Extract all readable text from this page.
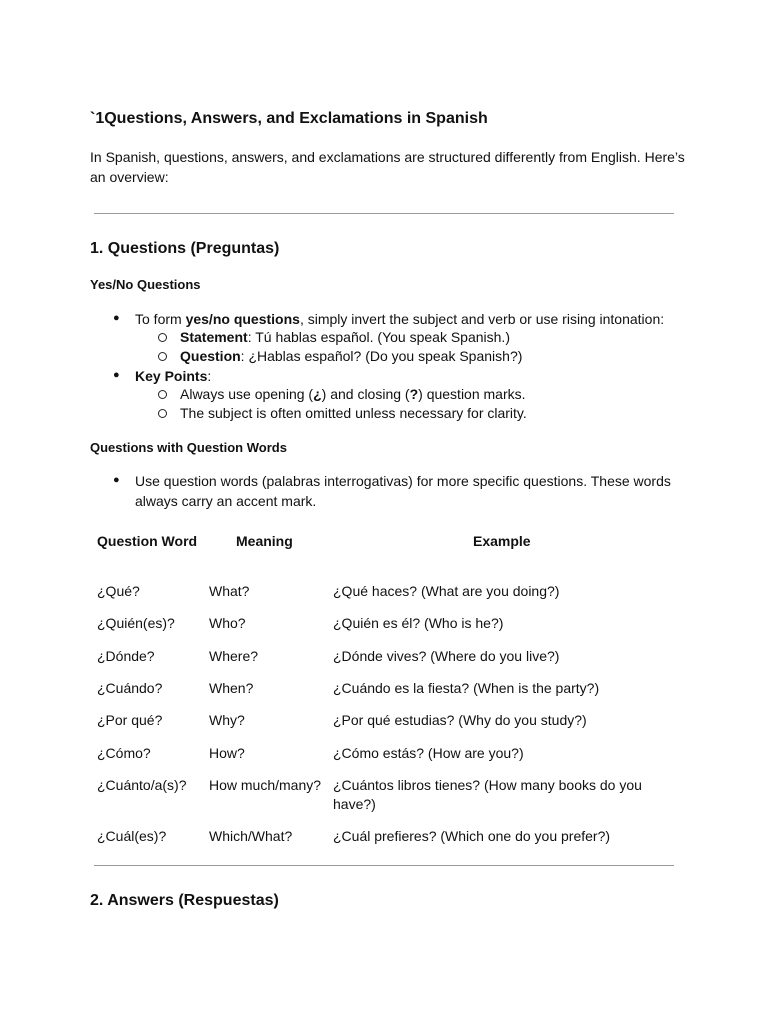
`1Questions, Answers, and Exclamations in Spanish

In Spanish, questions, answers, and exclamations are structured differently from English. Here’s an overview:

1. Questions (Preguntas)
Yes/No Questions
● To form yes/no questions, simply invert the subject and verb or use rising intonation:
Statement: Tú hablas español. (You speak Spanish.)
Question: ¿Hablas español? (Do you speak Spanish?)
● Key Points:
Always use opening (¿) and closing (?) question marks.
The subject is often omitted unless necessary for clarity.
Questions with Question Words
● Use question words (palabras interrogativas) for more specific questions. These words
always carry an accent mark.
Question Word	Meaning	Example
¿Qué?	What?	¿Qué haces? (What are you doing?)
¿Quién(es)? Who?	¿Quién es él? (Who is he?)
¿Dónde?	Where?	¿Dónde vives? (Where do you live?)
¿Cuándo?	When?	¿Cuándo es la fiesta? (When is the party?)
¿Por qué?	Why?	¿Por qué estudias? (Why do you study?)
¿Cómo?	How?	¿Cómo estás? (How are you?)
¿Cuánto/a(s)? How much/many? ¿Cuántos libros tienes? (How many books do you have?)
¿Cuál(es)?	Which/What?	¿Cuál prefieres? (Which one do you prefer?)
2. Answers (Respuestas)
